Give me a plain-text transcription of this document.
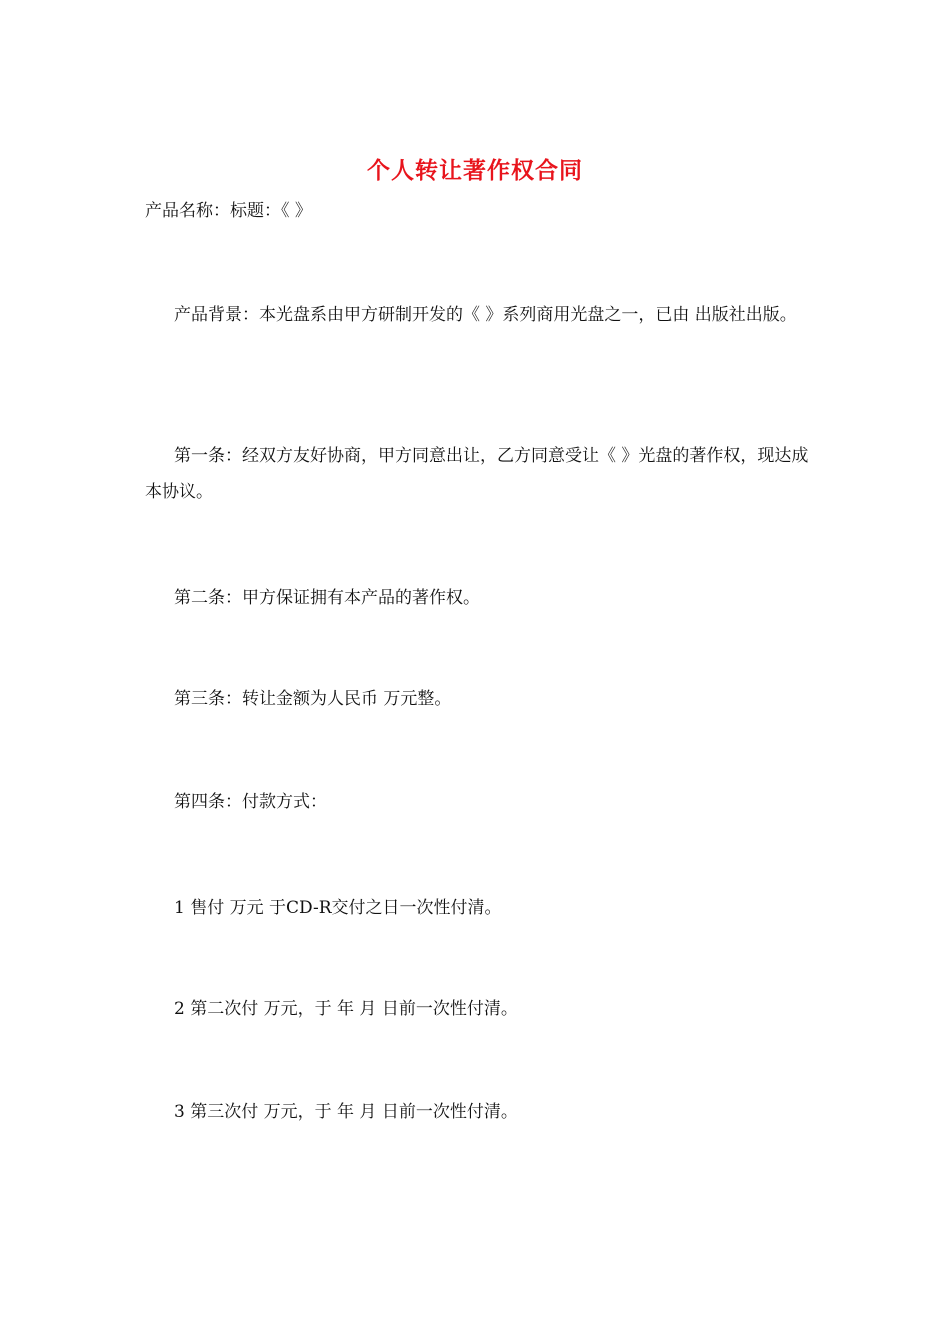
个人转让著作权合同

产品名称：标题：《 》

产品背景：本光盘系由甲方研制开发的《 》系列商用光盘之一，已由 出版社出版。

第一条：经双方友好协商，甲方同意出让，乙方同意受让《 》光盘的著作权，现达成本协议。

第二条：甲方保证拥有本产品的著作权。

第三条：转让金额为人民币 万元整。

第四条：付款方式：

1 售付 万元 于CD-R交付之日一次性付清。

2 第二次付 万元，于 年 月 日前一次性付清。

3 第三次付 万元，于 年 月 日前一次性付清。
